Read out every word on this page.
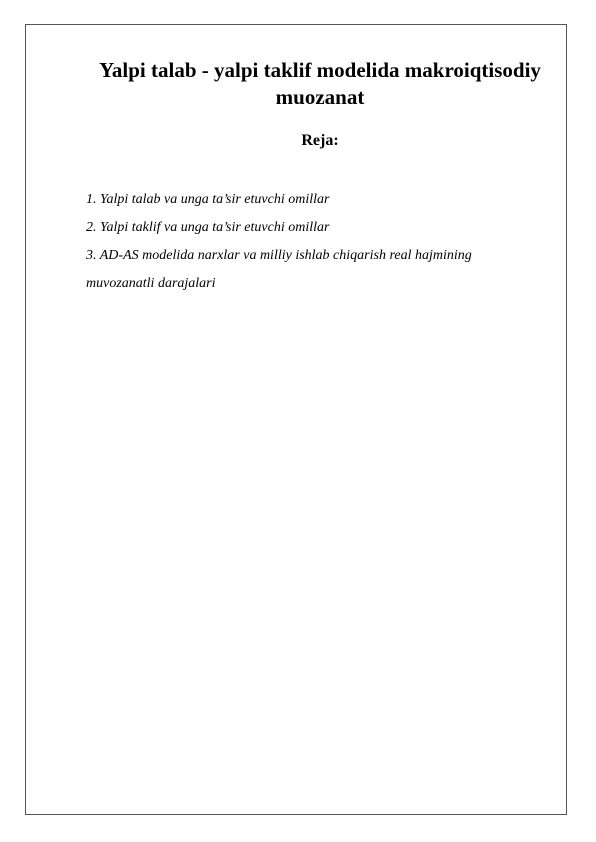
Yalpi talab - yalpi taklif modelida makroiqtisodiy muozanat
Reja:
1. Yalpi talab va unga ta’sir etuvchi omillar
2. Yalpi taklif va unga ta’sir etuvchi omillar
3. AD-AS modelida narxlar va milliy ishlab chiqarish real hajmining muvozanatli darajalari
